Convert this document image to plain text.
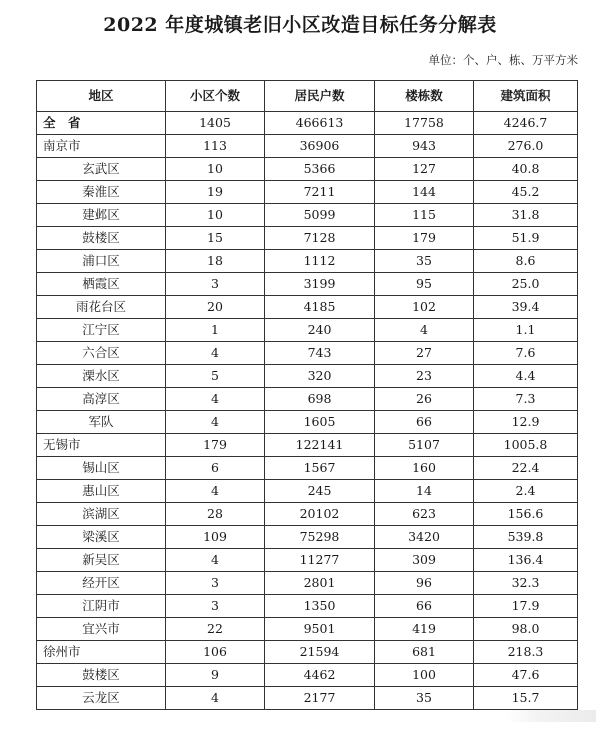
2022 年度城镇老旧小区改造目标任务分解表
单位：个、户、栋、万平方米
地区	小区个数	居民户数	楼栋数	建筑面积
全　省	1405	466613	17758	4246.7
南京市	113	36906	943	276.0
玄武区	10	5366	127	40.8
秦淮区	19	7211	144	45.2
建邺区	10	5099	115	31.8
鼓楼区	15	7128	179	51.9
浦口区	18	1112	35	8.6
栖霞区	3	3199	95	25.0
雨花台区	20	4185	102	39.4
江宁区	1	240	4	1.1
六合区	4	743	27	7.6
溧水区	5	320	23	4.4
高淳区	4	698	26	7.3
军队	4	1605	66	12.9
无锡市	179	122141	5107	1005.8
锡山区	6	1567	160	22.4
惠山区	4	245	14	2.4
滨湖区	28	20102	623	156.6
梁溪区	109	75298	3420	539.8
新吴区	4	11277	309	136.4
经开区	3	2801	96	32.3
江阴市	3	1350	66	17.9
宜兴市	22	9501	419	98.0
徐州市	106	21594	681	218.3
鼓楼区	9	4462	100	47.6
云龙区	4	2177	35	15.7
